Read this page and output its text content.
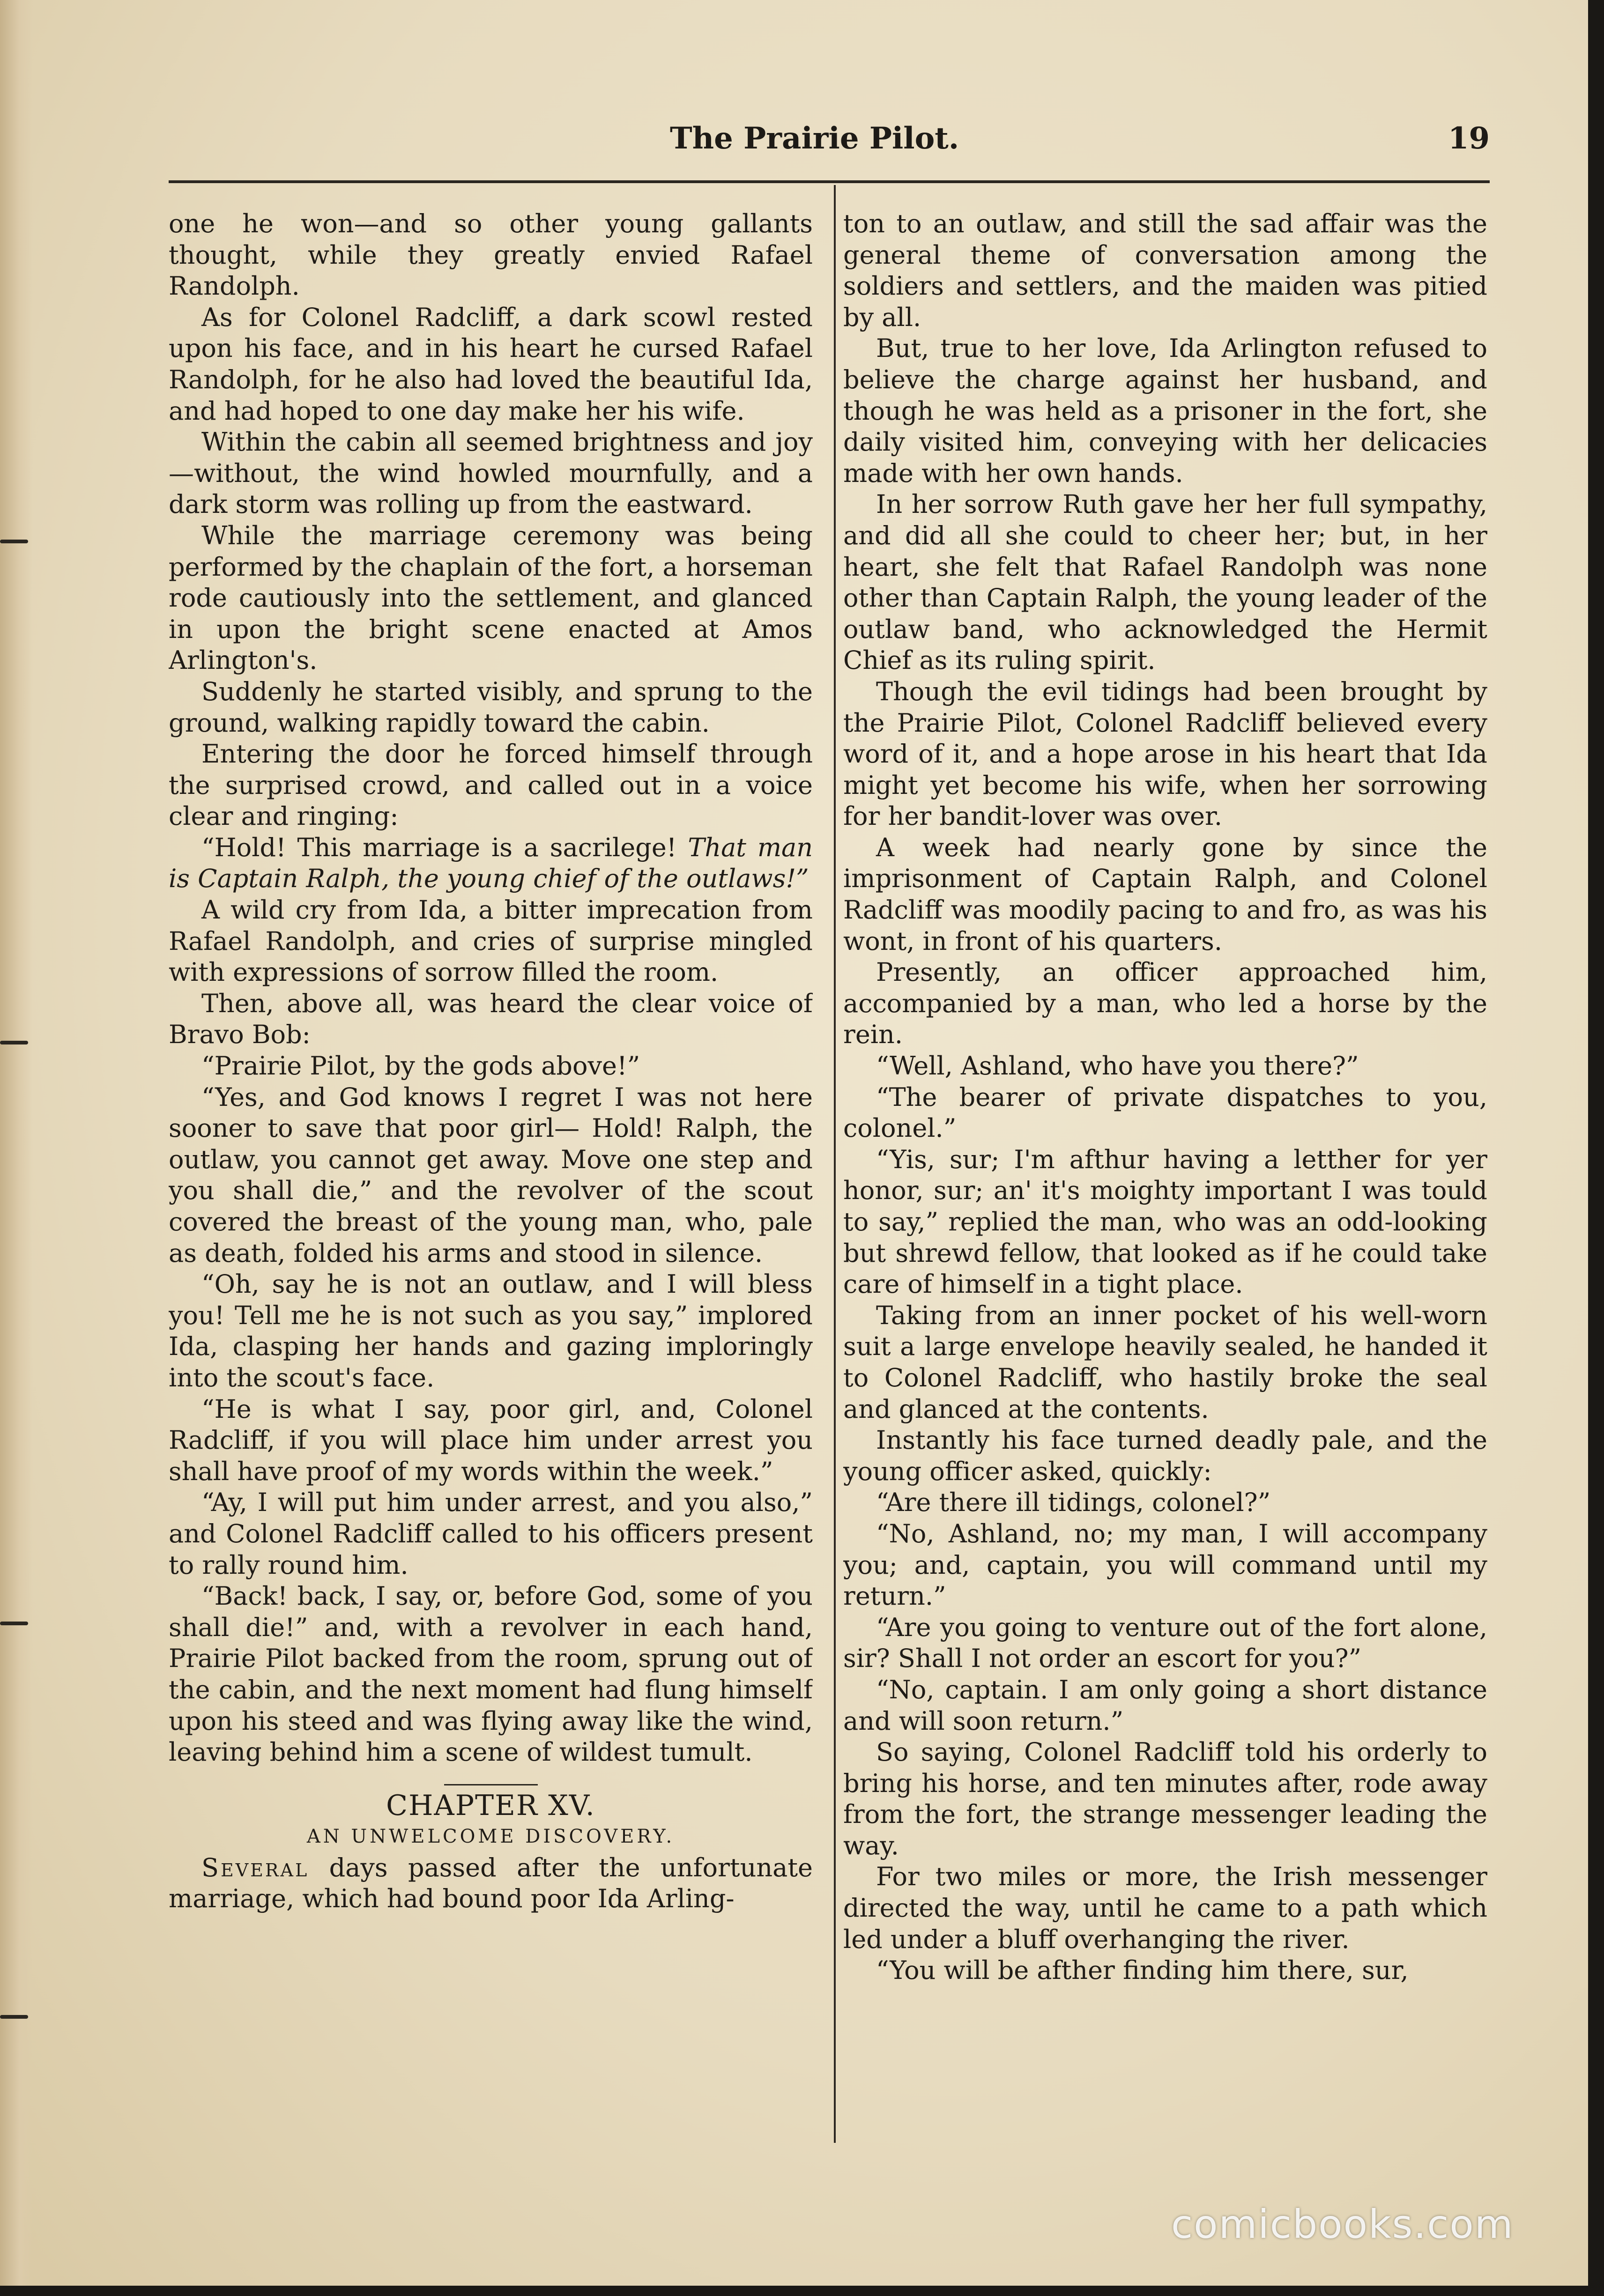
The Prairie Pilot.	19

one he won—and so other young gallants thought, while they greatly envied Rafael Randolph.

As for Colonel Radcliff, a dark scowl rested upon his face, and in his heart he cursed Rafael Randolph, for he also had loved the beautiful Ida, and had hoped to one day make her his wife.

Within the cabin all seemed brightness and joy—without, the wind howled mournfully, and a dark storm was rolling up from the eastward.

While the marriage ceremony was being performed by the chaplain of the fort, a horseman rode cautiously into the settlement, and glanced in upon the bright scene enacted at Amos Arlington's.

Suddenly he started visibly, and sprung to the ground, walking rapidly toward the cabin.

Entering the door he forced himself through the surprised crowd, and called out in a voice clear and ringing:

“Hold! This marriage is a sacrilege! That man is Captain Ralph, the young chief of the outlaws!”

A wild cry from Ida, a bitter imprecation from Rafael Randolph, and cries of surprise mingled with expressions of sorrow filled the room.

Then, above all, was heard the clear voice of Bravo Bob:

“Prairie Pilot, by the gods above!”

“Yes, and God knows I regret I was not here sooner to save that poor girl— Hold! Ralph, the outlaw, you cannot get away. Move one step and you shall die,” and the revolver of the scout covered the breast of the young man, who, pale as death, folded his arms and stood in silence.

“Oh, say he is not an outlaw, and I will bless you! Tell me he is not such as you say,” implored Ida, clasping her hands and gazing imploringly into the scout's face.

“He is what I say, poor girl, and, Colonel Radcliff, if you will place him under arrest you shall have proof of my words within the week.”

“Ay, I will put him under arrest, and you also,” and Colonel Radcliff called to his officers present to rally round him.

“Back! back, I say, or, before God, some of you shall die!” and, with a revolver in each hand, Prairie Pilot backed from the room, sprung out of the cabin, and the next moment had flung himself upon his steed and was flying away like the wind, leaving behind him a scene of wildest tumult.

CHAPTER XV.

AN UNWELCOME DISCOVERY.

Several days passed after the unfortunate marriage, which had bound poor Ida Arling-

ton to an outlaw, and still the sad affair was the general theme of conversation among the soldiers and settlers, and the maiden was pitied by all.

But, true to her love, Ida Arlington refused to believe the charge against her husband, and though he was held as a prisoner in the fort, she daily visited him, conveying with her delicacies made with her own hands.

In her sorrow Ruth gave her her full sympathy, and did all she could to cheer her; but, in her heart, she felt that Rafael Randolph was none other than Captain Ralph, the young leader of the outlaw band, who acknowledged the Hermit Chief as its ruling spirit.

Though the evil tidings had been brought by the Prairie Pilot, Colonel Radcliff believed every word of it, and a hope arose in his heart that Ida might yet become his wife, when her sorrowing for her bandit-lover was over.

A week had nearly gone by since the imprisonment of Captain Ralph, and Colonel Radcliff was moodily pacing to and fro, as was his wont, in front of his quarters.

Presently, an officer approached him, accompanied by a man, who led a horse by the rein.

“Well, Ashland, who have you there?”

“The bearer of private dispatches to you, colonel.”

“Yis, sur; I'm afthur having a letther for yer honor, sur; an' it's moighty important I was tould to say,” replied the man, who was an odd-looking but shrewd fellow, that looked as if he could take care of himself in a tight place.

Taking from an inner pocket of his well-worn suit a large envelope heavily sealed, he handed it to Colonel Radcliff, who hastily broke the seal and glanced at the contents.

Instantly his face turned deadly pale, and the young officer asked, quickly:

“Are there ill tidings, colonel?”

“No, Ashland, no; my man, I will accompany you; and, captain, you will command until my return.”

“Are you going to venture out of the fort alone, sir? Shall I not order an escort for you?”

“No, captain. I am only going a short distance and will soon return.”

So saying, Colonel Radcliff told his orderly to bring his horse, and ten minutes after, rode away from the fort, the strange messenger leading the way.

For two miles or more, the Irish messenger directed the way, until he came to a path which led under a bluff overhanging the river.

“You will be afther finding him there, sur,

comicbooks.com
